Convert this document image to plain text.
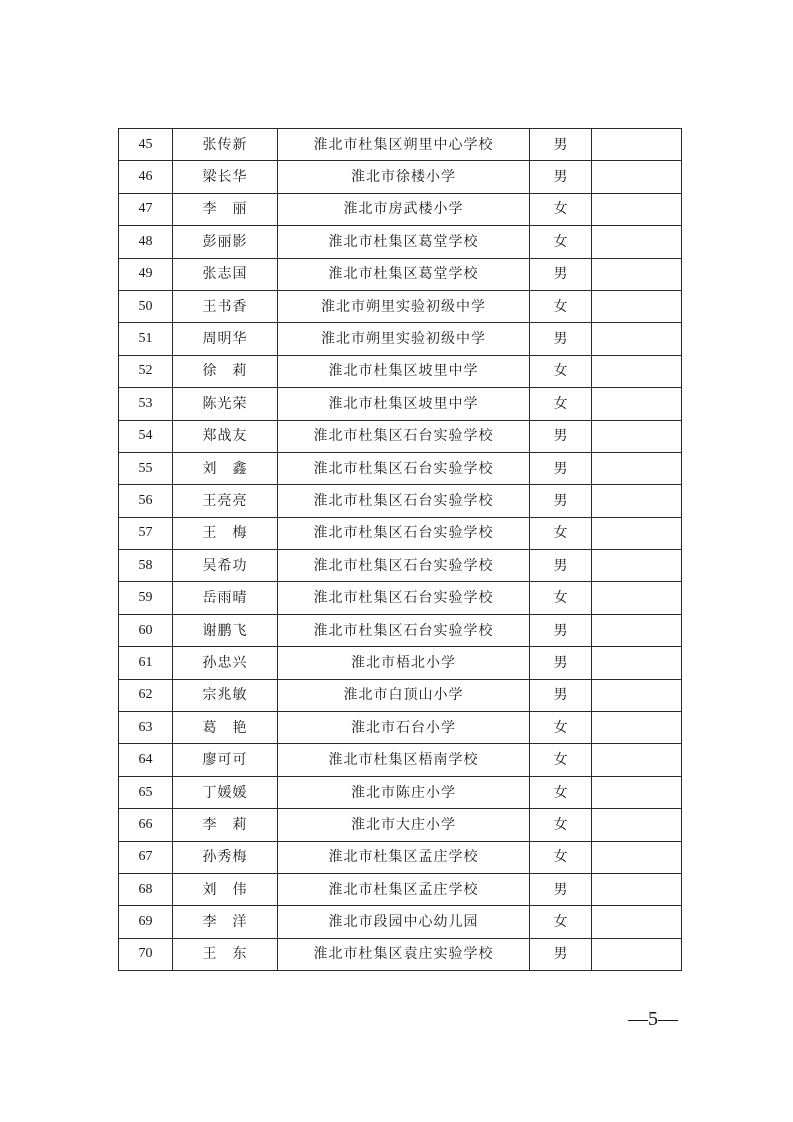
45	张传新	淮北市杜集区朔里中心学校	男	
46	梁长华	淮北市徐楼小学	男	
47	李　丽	淮北市房武楼小学	女	
48	彭丽影	淮北市杜集区葛堂学校	女	
49	张志国	淮北市杜集区葛堂学校	男	
50	王书香	淮北市朔里实验初级中学	女	
51	周明华	淮北市朔里实验初级中学	男	
52	徐　莉	淮北市杜集区坡里中学	女	
53	陈光荣	淮北市杜集区坡里中学	女	
54	郑战友	淮北市杜集区石台实验学校	男	
55	刘　鑫	淮北市杜集区石台实验学校	男	
56	王亮亮	淮北市杜集区石台实验学校	男	
57	王　梅	淮北市杜集区石台实验学校	女	
58	吴希功	淮北市杜集区石台实验学校	男	
59	岳雨晴	淮北市杜集区石台实验学校	女	
60	谢鹏飞	淮北市杜集区石台实验学校	男	
61	孙忠兴	淮北市梧北小学	男	
62	宗兆敏	淮北市白顶山小学	男	
63	葛　艳	淮北市石台小学	女	
64	廖可可	淮北市杜集区梧南学校	女	
65	丁媛媛	淮北市陈庄小学	女	
66	李　莉	淮北市大庄小学	女	
67	孙秀梅	淮北市杜集区孟庄学校	女	
68	刘　伟	淮北市杜集区孟庄学校	男	
69	李　洋	淮北市段园中心幼儿园	女	
70	王　东	淮北市杜集区袁庄实验学校	男	
—5—
